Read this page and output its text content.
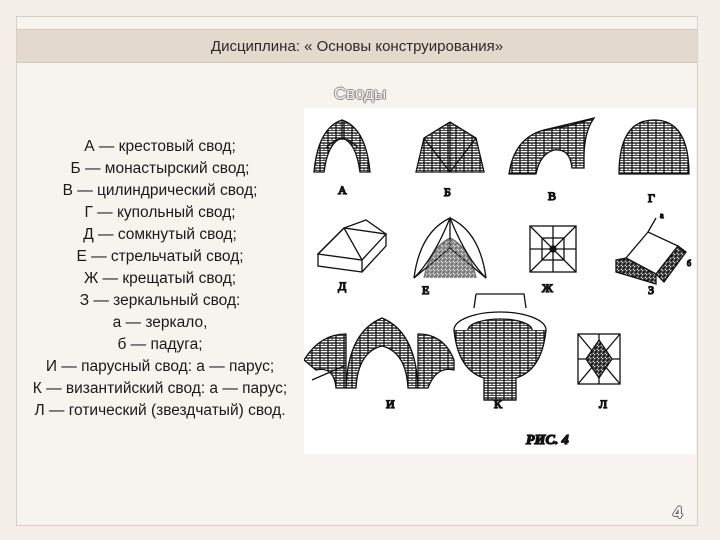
Дисциплина: « Основы конструирования»
Своды
А — крестовый свод;
Б — монастырский свод;
В — цилиндрический свод;
Г — купольный свод;
Д — сомкнутый свод;
Е — стрельчатый свод;
Ж — крещатый свод;
З — зеркальный свод:
а — зеркало,
б — падуга;
И — парусный свод: а — парус;
К — византийский свод: а — парус;
Л — готический (звездчатый) свод.
А	Б	В	Г
а
б
Д	Е	Ж	З
И	К	Л
РИС. 4
4
